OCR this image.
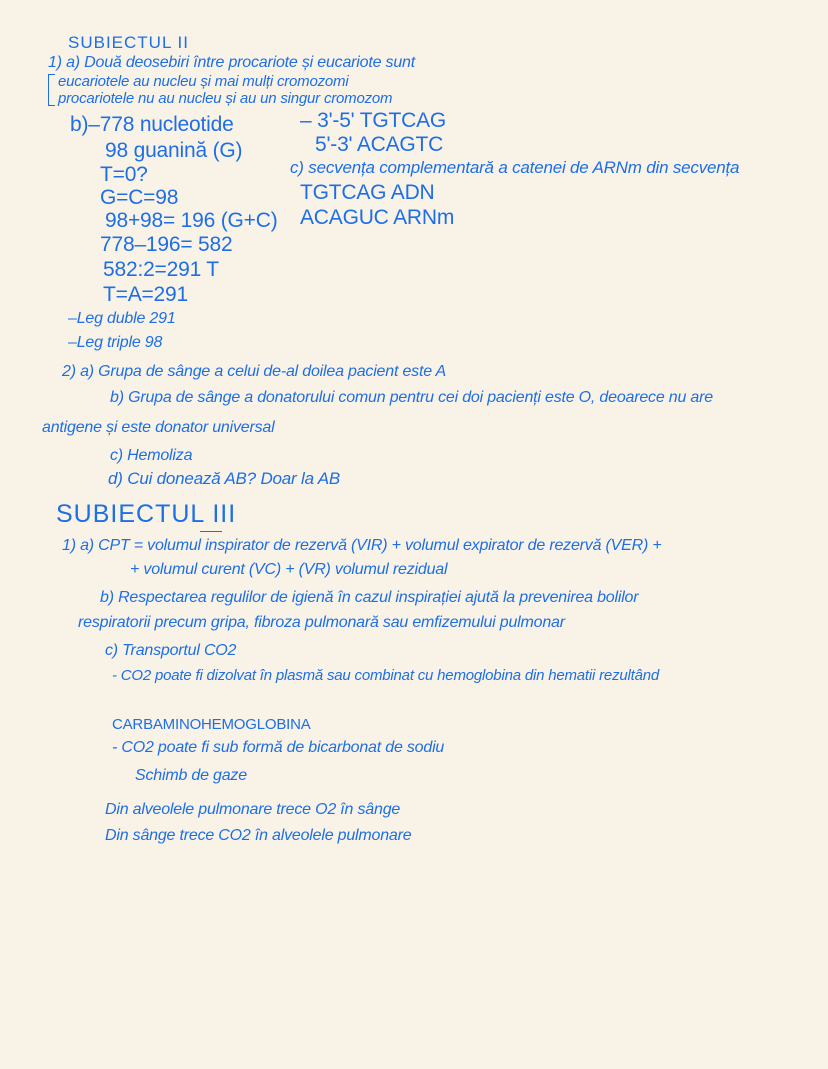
SUBIECTUL II
1) a) Două deosebiri între procariote și eucariote sunt
eucariotele au nucleu și mai mulți cromozomi
procariotele nu au nucleu și au un singur cromozom
b)–778 nucleotide
98 guanină (G)
T=0?
G=C=98
98+98= 196 (G+C)
778–196= 582
582:2=291 T
T=A=291
–Leg duble 291
–Leg triple 98
– 3'-5' TGTCAG
5'-3' ACAGTC
c) secvența complementară a catenei de ARNm din secvența
TGTCAG ADN
ACAGUC ARNm
2) a) Grupa de sânge a celui de-al doilea pacient este A
b) Grupa de sânge a donatorului comun pentru cei doi pacienți este O, deoarece nu are
antigene și este donator universal
c) Hemoliza
d) Cui donează AB? Doar la AB
SUBIECTUL III
1) a) CPT = volumul inspirator de rezervă (VIR) + volumul expirator de rezervă (VER) +
+ volumul curent (VC) + (VR) volumul rezidual
b) Respectarea regulilor de igienă în cazul inspirației ajută la prevenirea bolilor
respiratorii precum gripa, fibroza pulmonară sau emfizemului pulmonar
c) Transportul CO2
- CO2 poate fi dizolvat în plasmă sau combinat cu hemoglobina din hematii rezultând
CARBAMINOHEMOGLOBINA
- CO2 poate fi sub formă de bicarbonat de sodiu
Schimb de gaze
Din alveolele pulmonare trece O2 în sânge
Din sânge trece CO2 în alveolele pulmonare
